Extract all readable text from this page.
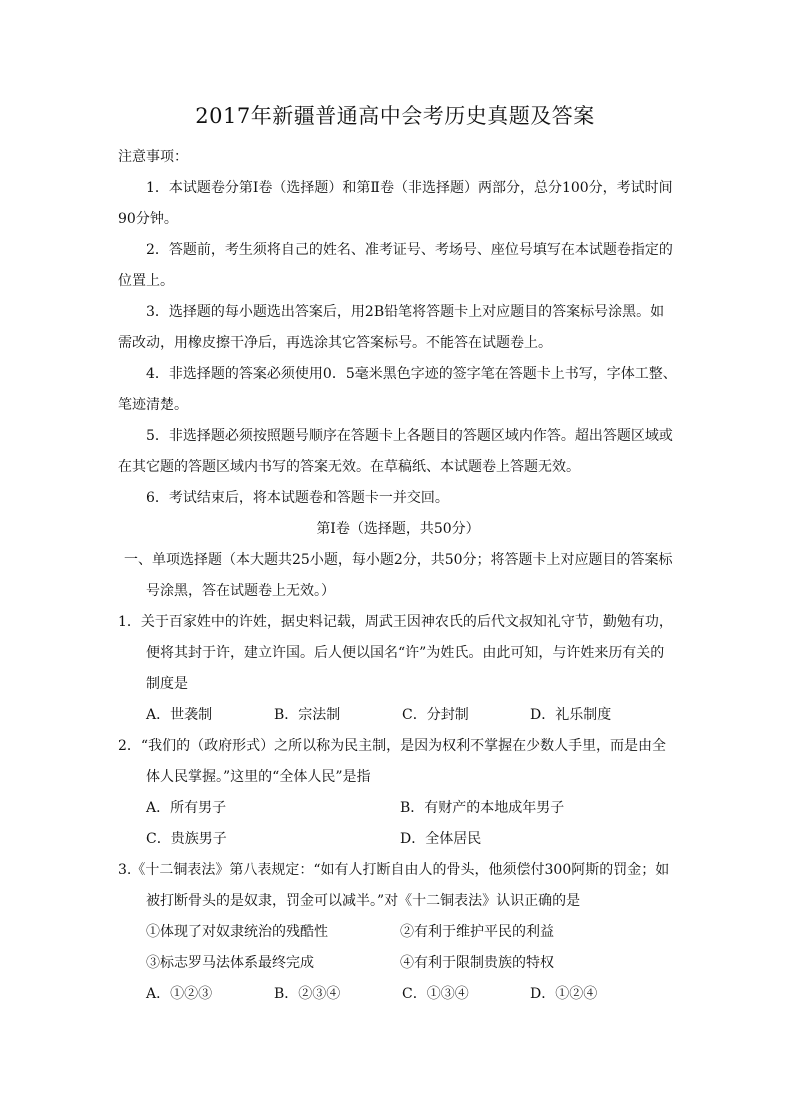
2017年新疆普通高中会考历史真题及答案

注意事项：

1．本试题卷分第Ⅰ卷（选择题）和第Ⅱ卷（非选择题）两部分，总分100分，考试时间90分钟。

2．答题前，考生须将自己的姓名、准考证号、考场号、座位号填写在本试题卷指定的位置上。

3．选择题的每小题选出答案后，用2B铅笔将答题卡上对应题目的答案标号涂黑。如需改动，用橡皮擦干净后，再选涂其它答案标号。不能答在试题卷上。

4．非选择题的答案必须使用0．5毫米黑色字迹的签字笔在答题卡上书写，字体工整、笔迹清楚。

5．非选择题必须按照题号顺序在答题卡上各题目的答题区域内作答。超出答题区域或在其它题的答题区域内书写的答案无效。在草稿纸、本试题卷上答题无效。

6．考试结束后，将本试题卷和答题卡一并交回。

第Ⅰ卷（选择题，共50分）

一、单项选择题（本大题共25小题，每小题2分，共50分；将答题卡上对应题目的答案标号涂黑，答在试题卷上无效。）

1．关于百家姓中的许姓，据史料记载，周武王因神农氏的后代文叔知礼守节，勤勉有功，便将其封于许，建立许国。后人便以国名“许”为姓氏。由此可知，与许姓来历有关的制度是

A．世袭制	B．宗法制	C．分封制	D．礼乐制度

2．“我们的（政府形式）之所以称为民主制，是因为权利不掌握在少数人手里，而是由全体人民掌握。”这里的“全体人民”是指

A．所有男子	B．有财产的本地成年男子
C．贵族男子	D．全体居民

3.《十二铜表法》第八表规定：“如有人打断自由人的骨头，他须偿付300阿斯的罚金；如被打断骨头的是奴隶，罚金可以减半。”对《十二铜表法》认识正确的是

①体现了对奴隶统治的残酷性	②有利于维护平民的利益
③标志罗马法体系最终完成	④有利于限制贵族的特权
A．①②③	B．②③④	C．①③④	D．①②④
